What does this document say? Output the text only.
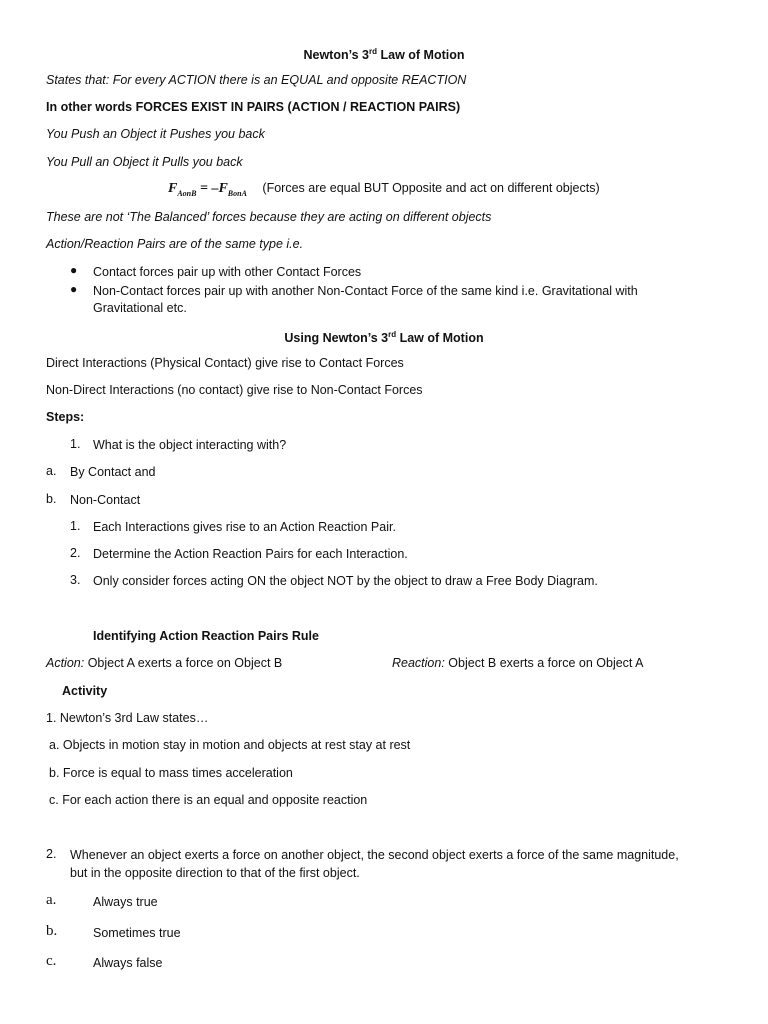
Newton’s 3rd Law of Motion
States that: For every ACTION there is an EQUAL and opposite REACTION
In other words FORCES EXIST IN PAIRS (ACTION / REACTION PAIRS)
You Push an Object it Pushes you back
You Pull an Object it Pulls you back
$F_{AonB} = -F_{BonA}$ (Forces are equal BUT Opposite and act on different objects)
These are not ‘The Balanced’ forces because they are acting on different objects
Action/Reaction Pairs are of the same type i.e.
● Contact forces pair up with other Contact Forces
● Non-Contact forces pair up with another Non-Contact Force of the same kind i.e. Gravitational with
Gravitational etc.
Using Newton’s 3rd Law of Motion
Direct Interactions (Physical Contact) give rise to Contact Forces
Non-Direct Interactions (no contact) give rise to Non-Contact Forces
Steps:
1. What is the object interacting with?
a. By Contact and
b. Non-Contact
1. Each Interactions gives rise to an Action Reaction Pair.
2. Determine the Action Reaction Pairs for each Interaction.
3. Only consider forces acting ON the object NOT by the object to draw a Free Body Diagram.
Identifying Action Reaction Pairs Rule
Action: Object A exerts a force on Object B	Reaction: Object B exerts a force on Object A
Activity
1. Newton’s 3rd Law states…
a. Objects in motion stay in motion and objects at rest stay at rest
b. Force is equal to mass times acceleration
c. For each action there is an equal and opposite reaction
2. Whenever an object exerts a force on another object, the second object exerts a force of the same magnitude,
but in the opposite direction to that of the first object.
a.	Always true
b.	Sometimes true
c.	Always false
